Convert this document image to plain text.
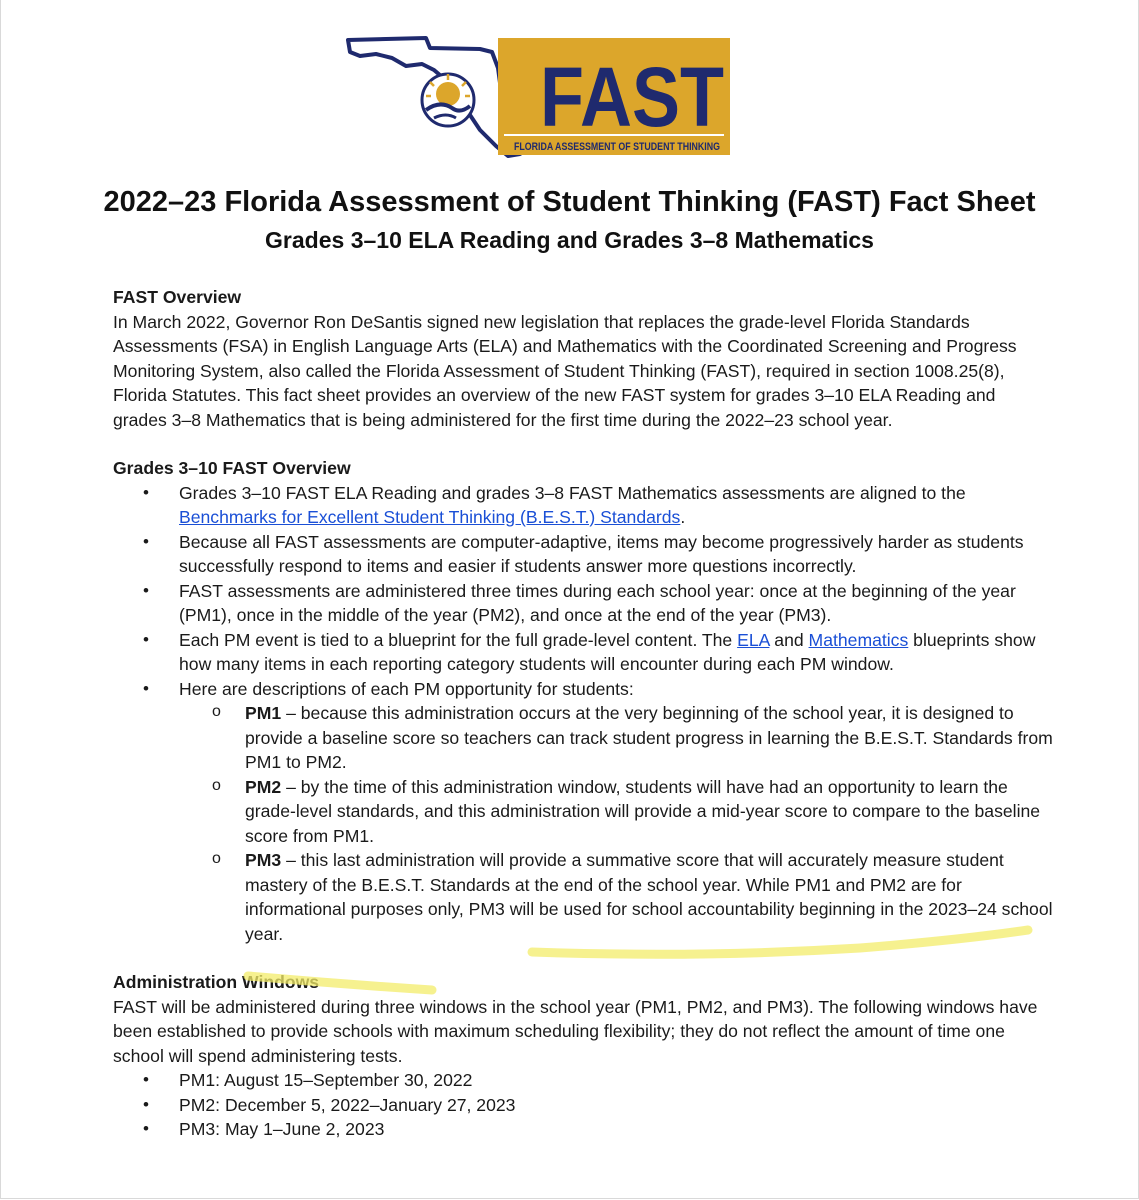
FAST
FLORIDA ASSESSMENT OF STUDENT THINKING
2022–23 Florida Assessment of Student Thinking (FAST) Fact Sheet
Grades 3–10 ELA Reading and Grades 3–8 Mathematics

FAST Overview

In March 2022, Governor Ron DeSantis signed new legislation that replaces the grade-level Florida Standards Assessments (FSA) in English Language Arts (ELA) and Mathematics with the Coordinated Screening and Progress Monitoring System, also called the Florida Assessment of Student Thinking (FAST), required in section 1008.25(8), Florida Statutes. This fact sheet provides an overview of the new FAST system for grades 3–10 ELA Reading and grades 3–8 Mathematics that is being administered for the first time during the 2022–23 school year.

Grades 3–10 FAST Overview

• Grades 3–10 FAST ELA Reading and grades 3–8 FAST Mathematics assessments are aligned to the Benchmarks for Excellent Student Thinking (B.E.S.T.) Standards.
• Because all FAST assessments are computer-adaptive, items may become progressively harder as students successfully respond to items and easier if students answer more questions incorrectly.
• FAST assessments are administered three times during each school year: once at the beginning of the year (PM1), once in the middle of the year (PM2), and once at the end of the year (PM3).
• Each PM event is tied to a blueprint for the full grade-level content. The ELA and Mathematics blueprints show how many items in each reporting category students will encounter during each PM window.
• Here are descriptions of each PM opportunity for students:
o PM1 – because this administration occurs at the very beginning of the school year, it is designed to provide a baseline score so teachers can track student progress in learning the B.E.S.T. Standards from PM1 to PM2.
o PM2 – by the time of this administration window, students will have had an opportunity to learn the grade-level standards, and this administration will provide a mid-year score to compare to the baseline score from PM1.
o PM3 – this last administration will provide a summative score that will accurately measure student mastery of the B.E.S.T. Standards at the end of the school year. While PM1 and PM2 are for informational purposes only, PM3 will be used for school accountability beginning in the 2023–24 school year.

Administration Windows

FAST will be administered during three windows in the school year (PM1, PM2, and PM3). The following windows have been established to provide schools with maximum scheduling flexibility; they do not reflect the amount of time one school will spend administering tests.

• PM1: August 15–September 30, 2022
• PM2: December 5, 2022–January 27, 2023
• PM3: May 1–June 2, 2023
